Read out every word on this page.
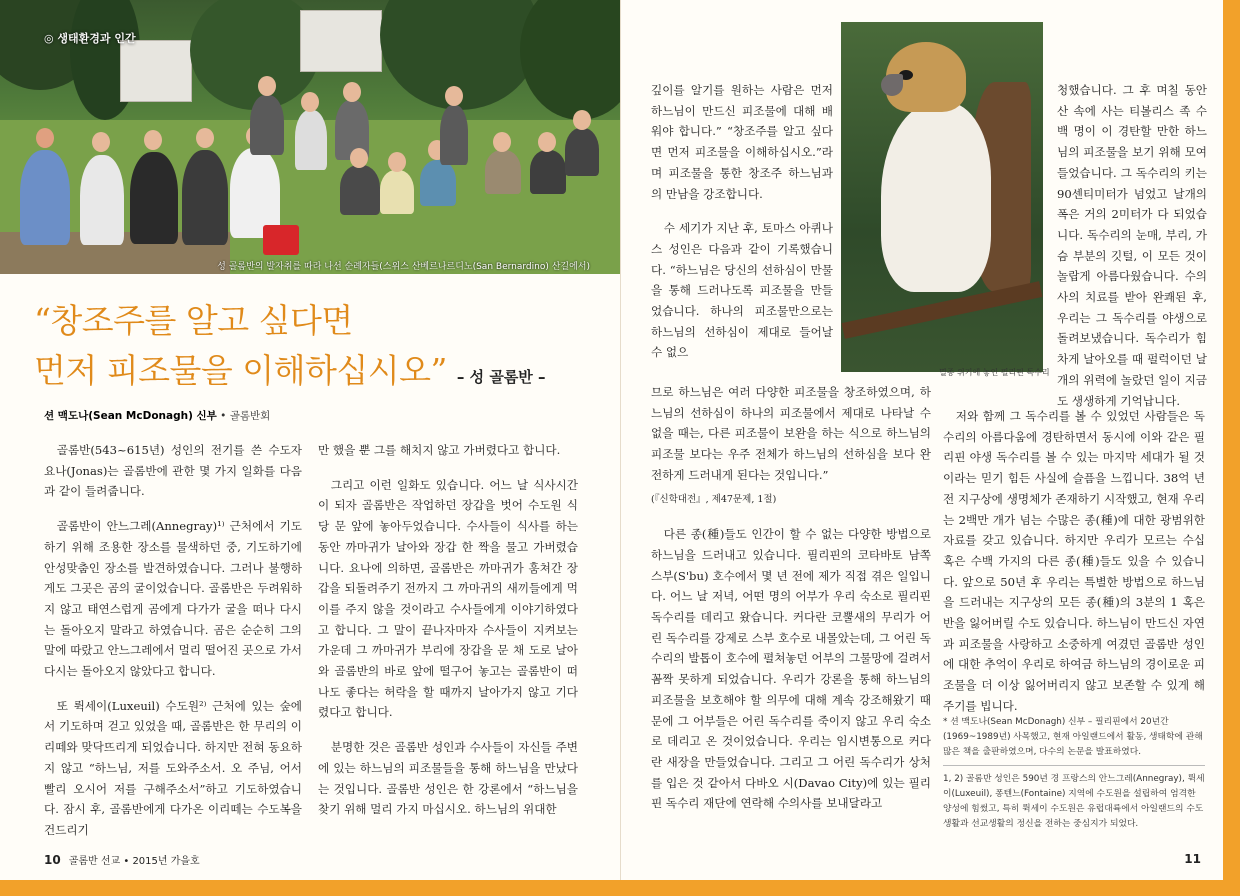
◎ 생태환경과 인간
성 골롬반의 발자취를 따라 나선 순례자들(스위스 산베르나르디노(San Bernardino) 산길에서)
“창조주를 알고 싶다면
먼저 피조물을 이해하십시오” – 성 골롬반 –
션 맥도나(Sean McDonagh) 신부 • 골롬반회

골롬반(543~615년) 성인의 전기를 쓴 수도자 요나(Jonas)는 골롬반에 관한 몇 가지 일화를 다음과 같이 들려줍니다.

골롬반이 안느그레(Annegray)¹⁾ 근처에서 기도하기 위해 조용한 장소를 물색하던 중, 기도하기에 안성맞춤인 장소를 발견하였습니다. 그러나 불행하게도 그곳은 곰의 굴이었습니다. 골롬반은 두려워하지 않고 태연스럽게 곰에게 다가가 굴을 떠나 다시는 돌아오지 말라고 하였습니다. 곰은 순순히 그의 말에 따랐고 안느그레에서 멀리 떨어진 곳으로 가서 다시는 돌아오지 않았다고 합니다.

또 뤽세이(Luxeuil) 수도원²⁾ 근처에 있는 숲에서 기도하며 걷고 있었을 때, 골롬반은 한 무리의 이리떼와 맞닥뜨리게 되었습니다. 하지만 전혀 동요하지 않고 “하느님, 저를 도와주소서. 오 주님, 어서 빨리 오시어 저를 구해주소서”하고 기도하였습니다. 잠시 후, 골롬반에게 다가온 이리떼는 수도복을 건드리기

만 했을 뿐 그를 해치지 않고 가버렸다고 합니다.

그리고 이런 일화도 있습니다. 어느 날 식사시간이 되자 골롬반은 작업하던 장갑을 벗어 수도원 식당 문 앞에 놓아두었습니다. 수사들이 식사를 하는 동안 까마귀가 날아와 장갑 한 짝을 물고 가버렸습니다. 요나에 의하면, 골롬반은 까마귀가 훔쳐간 장갑을 되돌려주기 전까지 그 까마귀의 새끼들에게 먹이를 주지 않을 것이라고 수사들에게 이야기하였다고 합니다. 그 말이 끝나자마자 수사들이 지켜보는 가운데 그 까마귀가 부리에 장갑을 문 채 도로 날아와 골롬반의 바로 앞에 떨구어 놓고는 골롬반이 떠나도 좋다는 허락을 할 때까지 날아가지 않고 기다렸다고 합니다.

분명한 것은 골롬반 성인과 수사들이 자신들 주변에 있는 하느님의 피조물들을 통해 하느님을 만났다는 것입니다. 골롬반 성인은 한 강론에서 “하느님을 찾기 위해 멀리 가지 마십시오. 하느님의 위대한

10 골롬반 선교 • 2015년 가을호

깊이를 알기를 원하는 사람은 먼저 하느님이 만드신 피조물에 대해 배워야 합니다.” “창조주를 알고 싶다면 먼저 피조물을 이해하십시오.”라며 피조물을 통한 창조주 하느님과의 만남을 강조합니다.

수 세기가 지난 후, 토마스 아퀴나스 성인은 다음과 같이 기록했습니다. “하느님은 당신의 선하심이 만물을 통해 드러나도록 피조물을 만들었습니다. 하나의 피조물만으로는 하느님의 선하심이 제대로 들어날 수 없으

멸종 위기에 놓인 필리핀 독수리

청했습니다. 그 후 며칠 동안 산 속에 사는 티볼리스 족 수백 명이 이 경탄할 만한 하느님의 피조물을 보기 위해 모여들었습니다. 그 독수리의 키는 90센티미터가 넘었고 날개의 폭은 거의 2미터가 다 되었습니다. 독수리의 눈매, 부리, 가슴 부분의 깃털, 이 모든 것이 놀랍게 아름다웠습니다. 수의사의 치료를 받아 완쾌된 후, 우리는 그 독수리를 야생으로 돌려보냈습니다. 독수리가 힘차게 날아오를 때 펄럭이던 날개의 위력에 놀랐던 일이 지금도 생생하게 기억납니다.

므로 하느님은 여러 다양한 피조물을 창조하였으며, 하느님의 선하심이 하나의 피조물에서 제대로 나타날 수 없을 때는, 다른 피조물이 보완을 하는 식으로 하느님의 피조물 보다는 우주 전체가 하느님의 선하심을 보다 완전하게 드러내게 된다는 것입니다.”

(『신학대전』, 제47문제, 1절)

다른 종(種)들도 인간이 할 수 없는 다양한 방법으로 하느님을 드러내고 있습니다. 필리핀의 코타바토 남쪽 스부(S'bu) 호수에서 몇 년 전에 제가 직접 겪은 일입니다. 어느 날 저녁, 어떤 명의 어부가 우리 숙소로 필리핀 독수리를 데리고 왔습니다. 커다란 코뿔새의 무리가 어린 독수리를 강제로 스부 호수로 내몰았는데, 그 어린 독수리의 발톱이 호수에 펼쳐놓던 어부의 그물망에 걸려서 꼼짝 못하게 되었습니다. 우리가 강론을 통해 하느님의 피조물을 보호해야 할 의무에 대해 계속 강조해왔기 때문에 그 어부들은 어린 독수리를 죽이지 않고 우리 숙소로 데리고 온 것이었습니다. 우리는 임시변통으로 커다란 새장을 만들었습니다. 그리고 그 어린 독수리가 상처를 입은 것 같아서 다바오 시(Davao City)에 있는 필리핀 독수리 재단에 연락해 수의사를 보내달라고

저와 함께 그 독수리를 볼 수 있었던 사람들은 독수리의 아름다움에 경탄하면서 동시에 이와 같은 필리핀 야생 독수리를 볼 수 있는 마지막 세대가 될 것이라는 믿기 힘든 사실에 슬픔을 느낍니다. 38억 년 전 지구상에 생명체가 존재하기 시작했고, 현재 우리는 2백만 개가 넘는 수많은 종(種)에 대한 광범위한 자료를 갖고 있습니다. 하지만 우리가 모르는 수십 혹은 수백 가지의 다른 종(種)들도 있을 수 있습니다. 앞으로 50년 후 우리는 특별한 방법으로 하느님을 드러내는 지구상의 모든 종(種)의 3분의 1 혹은 반을 잃어버릴 수도 있습니다. 하느님이 만드신 자연과 피조물을 사랑하고 소중하게 여겼던 골롬반 성인에 대한 추억이 우리로 하여금 하느님의 경이로운 피조물을 더 이상 잃어버리지 않고 보존할 수 있게 해주기를 빕니다.

* 션 맥도나(Sean McDonagh) 신부 – 필리핀에서 20년간(1969~1989년) 사목했고, 현재 아일랜드에서 활동, 생태학에 관해 많은 책을 출판하였으며, 다수의 논문을 발표하였다.
1, 2) 골롬반 성인은 590년 경 프랑스의 안느그레(Annegray), 뤽세이(Luxeuil), 퐁텐느(Fontaine) 지역에 수도원을 설립하여 엄격한 양성에 힘썼고, 특히 뤽세이 수도원은 유럽대륙에서 아일랜드의 수도생활과 선교생활의 정신을 전하는 중심지가 되었다.
11
